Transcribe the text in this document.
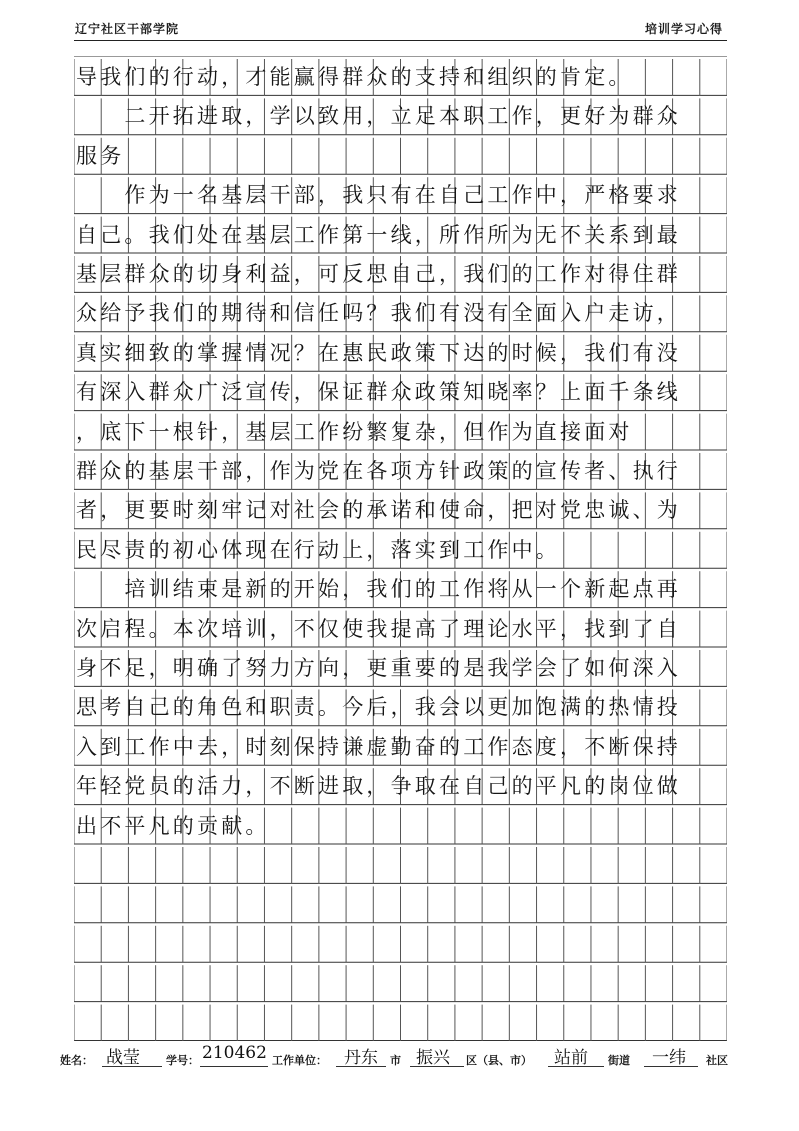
辽宁社区干部学院	培训学习心得
导我们的行动，才能赢得群众的支持和组织的肯定。
　　二开拓进取，学以致用，立足本职工作，更好为群众
服务
　　作为一名基层干部，我只有在自己工作中，严格要求
自己。我们处在基层工作第一线，所作所为无不关系到最
基层群众的切身利益，可反思自己，我们的工作对得住群
众给予我们的期待和信任吗？我们有没有全面入户走访，
真实细致的掌握情况？在惠民政策下达的时候，我们有没
有深入群众广泛宣传，保证群众政策知晓率？上面千条线
，底下一根针，基层工作纷繁复杂，但作为直接面对
群众的基层干部，作为党在各项方针政策的宣传者、执行
者，更要时刻牢记对社会的承诺和使命，把对党忠诚、为
民尽责的初心体现在行动上，落实到工作中。
　　培训结束是新的开始，我们的工作将从一个新起点再
次启程。本次培训，不仅使我提高了理论水平，找到了自
身不足，明确了努力方向，更重要的是我学会了如何深入
思考自己的角色和职责。今后，我会以更加饱满的热情投
入到工作中去，时刻保持谦虚勤奋的工作态度，不断保持
年轻党员的活力，不断进取，争取在自己的平凡的岗位做
出不平凡的贡献。
姓名： 战莹 学号： 210462 工作单位： 丹东 市 振兴 区（县、市） 站前 街道 一纬 社区
